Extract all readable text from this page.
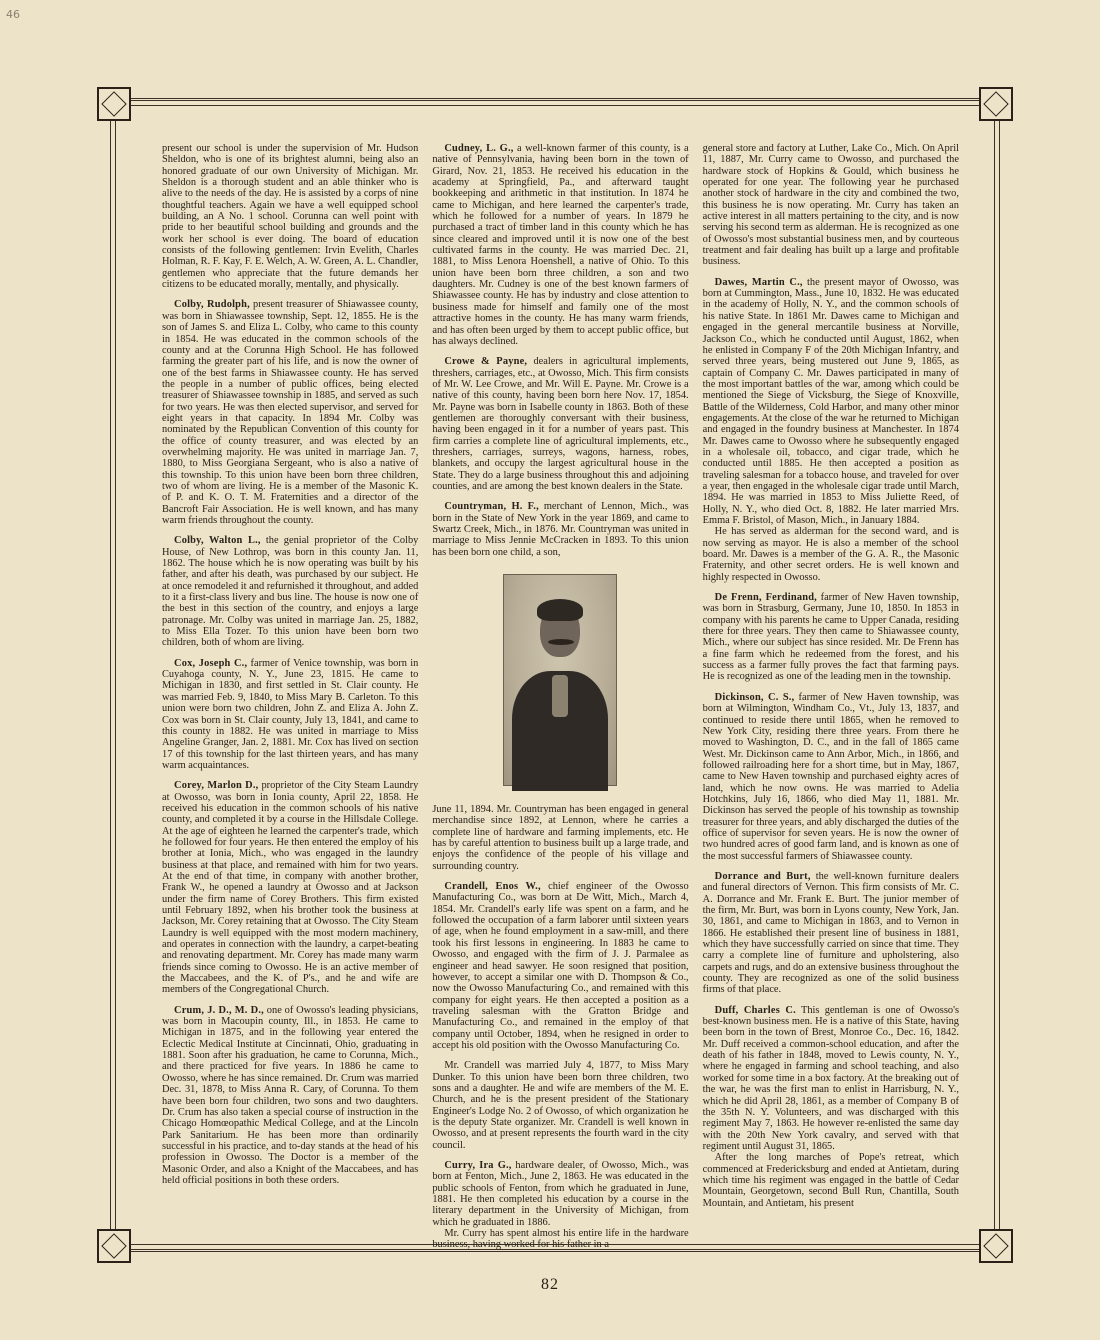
46

present our school is under the supervision of Mr. Hudson Sheldon, who is one of its brightest alumni, being also an honored graduate of our own University of Michigan. Mr. Sheldon is a thorough student and an able thinker who is alive to the needs of the day. He is assisted by a corps of nine thoughtful teachers. Again we have a well equipped school building, an A No. 1 school. Corunna can well point with pride to her beautiful school building and grounds and the work her school is ever doing. The board of education consists of the following gentlemen: Irvin Evelith, Charles Holman, R. F. Kay, F. E. Welch, A. W. Green, A. L. Chandler, gentlemen who appreciate that the future demands her citizens to be educated morally, mentally, and physically.

Colby, Rudolph, present treasurer of Shiawassee county, was born in Shiawassee township, Sept. 12, 1855. He is the son of James S. and Eliza L. Colby, who came to this county in 1854. He was educated in the common schools of the county and at the Corunna High School. He has followed farming the greater part of his life, and is now the owner of one of the best farms in Shiawassee county. He has served the people in a number of public offices, being elected treasurer of Shiawassee township in 1885, and served as such for two years. He was then elected supervisor, and served for eight years in that capacity. In 1894 Mr. Colby was nominated by the Republican Convention of this county for the office of county treasurer, and was elected by an overwhelming majority. He was united in marriage Jan. 7, 1880, to Miss Georgiana Sergeant, who is also a native of this township. To this union have been born three children, two of whom are living. He is a member of the Masonic K. of P. and K. O. T. M. Fraternities and a director of the Bancroft Fair Association. He is well known, and has many warm friends throughout the county.

Colby, Walton L., the genial proprietor of the Colby House, of New Lothrop, was born in this county Jan. 11, 1862. The house which he is now operating was built by his father, and after his death, was purchased by our subject. He at once remodeled it and refurnished it throughout, and added to it a first-class livery and bus line. The house is now one of the best in this section of the country, and enjoys a large patronage. Mr. Colby was united in marriage Jan. 25, 1882, to Miss Ella Tozer. To this union have been born two children, both of whom are living.

Cox, Joseph C., farmer of Venice township, was born in Cuyahoga county, N. Y., June 23, 1815. He came to Michigan in 1830, and first settled in St. Clair county. He was married Feb. 9, 1840, to Miss Mary B. Carleton. To this union were born two children, John Z. and Eliza A. John Z. Cox was born in St. Clair county, July 13, 1841, and came to this county in 1882. He was united in marriage to Miss Angeline Granger, Jan. 2, 1881. Mr. Cox has lived on section 17 of this township for the last thirteen years, and has many warm acquaintances.

Corey, Marlon D., proprietor of the City Steam Laundry at Owosso, was born in Ionia county, April 22, 1858. He received his education in the common schools of his native county, and completed it by a course in the Hillsdale College. At the age of eighteen he learned the carpenter's trade, which he followed for four years. He then entered the employ of his brother at Ionia, Mich., who was engaged in the laundry business at that place, and remained with him for two years. At the end of that time, in company with another brother, Frank W., he opened a laundry at Owosso and at Jackson under the firm name of Corey Brothers. This firm existed until February 1892, when his brother took the business at Jackson, Mr. Corey retaining that at Owosso. The City Steam Laundry is well equipped with the most modern machinery, and operates in connection with the laundry, a carpet-beating and renovating department. Mr. Corey has made many warm friends since coming to Owosso. He is an active member of the Maccabees, and the K. of P's., and he and wife are members of the Congregational Church.

Crum, J. D., M. D., one of Owosso's leading physicians, was born in Macoupin county, Ill., in 1853. He came to Michigan in 1875, and in the following year entered the Eclectic Medical Institute at Cincinnati, Ohio, graduating in 1881. Soon after his graduation, he came to Corunna, Mich., and there practiced for five years. In 1886 he came to Owosso, where he has since remained. Dr. Crum was married Dec. 31, 1878, to Miss Anna R. Cary, of Corunna. To them have been born four children, two sons and two daughters. Dr. Crum has also taken a special course of instruction in the Chicago Homœopathic Medical College, and at the Lincoln Park Sanitarium. He has been more than ordinarily successful in his practice, and to-day stands at the head of his profession in Owosso. The Doctor is a member of the Masonic Order, and also a Knight of the Maccabees, and has held official positions in both these orders.

Cudney, L. G., a well-known farmer of this county, is a native of Pennsylvania, having been born in the town of Girard, Nov. 21, 1853. He received his education in the academy at Springfield, Pa., and afterward taught bookkeeping and arithmetic in that institution. In 1874 he came to Michigan, and here learned the carpenter's trade, which he followed for a number of years. In 1879 he purchased a tract of timber land in this county which he has since cleared and improved until it is now one of the best cultivated farms in the county. He was married Dec. 21, 1881, to Miss Lenora Hoenshell, a native of Ohio. To this union have been born three children, a son and two daughters. Mr. Cudney is one of the best known farmers of Shiawassee county. He has by industry and close attention to business made for himself and family one of the most attractive homes in the county. He has many warm friends, and has often been urged by them to accept public office, but has always declined.

Crowe & Payne, dealers in agricultural implements, threshers, carriages, etc., at Owosso, Mich. This firm consists of Mr. W. Lee Crowe, and Mr. Will E. Payne. Mr. Crowe is a native of this county, having been born here Nov. 17, 1854. Mr. Payne was born in Isabelle county in 1863. Both of these gentlemen are thoroughly conversant with their business, having been engaged in it for a number of years past. This firm carries a complete line of agricultural implements, etc., threshers, carriages, surreys, wagons, harness, robes, blankets, and occupy the largest agricultural house in the State. They do a large business throughout this and adjoining counties, and are among the best known dealers in the State.

Countryman, H. F., merchant of Lennon, Mich., was born in the State of New York in the year 1869, and came to Swartz Creek, Mich., in 1876. Mr. Countryman was united in marriage to Miss Jennie McCracken in 1893. To this union has been born one child, a son,

June 11, 1894. Mr. Countryman has been engaged in general merchandise since 1892, at Lennon, where he carries a complete line of hardware and farming implements, etc. He has by careful attention to business built up a large trade, and enjoys the confidence of the people of his village and surrounding country.

Crandell, Enos W., chief engineer of the Owosso Manufacturing Co., was born at De Witt, Mich., March 4, 1854. Mr. Crandell's early life was spent on a farm, and he followed the occupation of a farm laborer until sixteen years of age, when he found employment in a saw-mill, and there took his first lessons in engineering. In 1883 he came to Owosso, and engaged with the firm of J. J. Parmalee as engineer and head sawyer. He soon resigned that position, however, to accept a similar one with D. Thompson & Co., now the Owosso Manufacturing Co., and remained with this company for eight years. He then accepted a position as a traveling salesman with the Gratton Bridge and Manufacturing Co., and remained in the employ of that company until October, 1894, when he resigned in order to accept his old position with the Owosso Manufacturing Co.

Mr. Crandell was married July 4, 1877, to Miss Mary Dunker. To this union have been born three children, two sons and a daughter. He and wife are members of the M. E. Church, and he is the present president of the Stationary Engineer's Lodge No. 2 of Owosso, of which organization he is the deputy State organizer. Mr. Crandell is well known in Owosso, and at present represents the fourth ward in the city council.

Curry, Ira G., hardware dealer, of Owosso, Mich., was born at Fenton, Mich., June 2, 1863. He was educated in the public schools of Fenton, from which he graduated in June, 1881. He then completed his education by a course in the literary department in the University of Michigan, from which he graduated in 1886.

Mr. Curry has spent almost his entire life in the hardware business, having worked for his father in a

general store and factory at Luther, Lake Co., Mich. On April 11, 1887, Mr. Curry came to Owosso, and purchased the hardware stock of Hopkins & Gould, which business he operated for one year. The following year he purchased another stock of hardware in the city and combined the two, this business he is now operating. Mr. Curry has taken an active interest in all matters pertaining to the city, and is now serving his second term as alderman. He is recognized as one of Owosso's most substantial business men, and by courteous treatment and fair dealing has built up a large and profitable business.

Dawes, Martin C., the present mayor of Owosso, was born at Cummington, Mass., June 10, 1832. He was educated in the academy of Holly, N. Y., and the common schools of his native State. In 1861 Mr. Dawes came to Michigan and engaged in the general mercantile business at Norville, Jackson Co., which he conducted until August, 1862, when he enlisted in Company F of the 20th Michigan Infantry, and served three years, being mustered out June 9, 1865, as captain of Company C. Mr. Dawes participated in many of the most important battles of the war, among which could be mentioned the Siege of Vicksburg, the Siege of Knoxville, Battle of the Wilderness, Cold Harbor, and many other minor engagements. At the close of the war he returned to Michigan and engaged in the foundry business at Manchester. In 1874 Mr. Dawes came to Owosso where he subsequently engaged in a wholesale oil, tobacco, and cigar trade, which he conducted until 1885. He then accepted a position as traveling salesman for a tobacco house, and traveled for over a year, then engaged in the wholesale cigar trade until March, 1894. He was married in 1853 to Miss Juliette Reed, of Holly, N. Y., who died Oct. 8, 1882. He later married Mrs. Emma F. Bristol, of Mason, Mich., in January 1884.

He has served as alderman for the second ward, and is now serving as mayor. He is also a member of the school board. Mr. Dawes is a member of the G. A. R., the Masonic Fraternity, and other secret orders. He is well known and highly respected in Owosso.

De Frenn, Ferdinand, farmer of New Haven township, was born in Strasburg, Germany, June 10, 1850. In 1853 in company with his parents he came to Upper Canada, residing there for three years. They then came to Shiawassee county, Mich., where our subject has since resided. Mr. De Frenn has a fine farm which he redeemed from the forest, and his success as a farmer fully proves the fact that farming pays. He is recognized as one of the leading men in the township.

Dickinson, C. S., farmer of New Haven township, was born at Wilmington, Windham Co., Vt., July 13, 1837, and continued to reside there until 1865, when he removed to New York City, residing there three years. From there he moved to Washington, D. C., and in the fall of 1865 came West. Mr. Dickinson came to Ann Arbor, Mich., in 1866, and followed railroading here for a short time, but in May, 1867, came to New Haven township and purchased eighty acres of land, which he now owns. He was married to Adelia Hotchkins, July 16, 1866, who died May 11, 1881. Mr. Dickinson has served the people of his township as township treasurer for three years, and ably discharged the duties of the office of supervisor for seven years. He is now the owner of two hundred acres of good farm land, and is known as one of the most successful farmers of Shiawassee county.

Dorrance and Burt, the well-known furniture dealers and funeral directors of Vernon. This firm consists of Mr. C. A. Dorrance and Mr. Frank E. Burt. The junior member of the firm, Mr. Burt, was born in Lyons county, New York, Jan. 30, 1861, and came to Michigan in 1863, and to Vernon in 1866. He established their present line of business in 1881, which they have successfully carried on since that time. They carry a complete line of furniture and upholstering, also carpets and rugs, and do an extensive business throughout the county. They are recognized as one of the solid business firms of that place.

Duff, Charles C. This gentleman is one of Owosso's best-known business men. He is a native of this State, having been born in the town of Brest, Monroe Co., Dec. 16, 1842. Mr. Duff received a common-school education, and after the death of his father in 1848, moved to Lewis county, N. Y., where he engaged in farming and school teaching, and also worked for some time in a box factory. At the breaking out of the war, he was the first man to enlist in Harrisburg, N. Y., which he did April 28, 1861, as a member of Company B of the 35th N. Y. Volunteers, and was discharged with this regiment May 7, 1863. He however re-enlisted the same day with the 20th New York cavalry, and served with that regiment until August 31, 1865.

After the long marches of Pope's retreat, which commenced at Fredericksburg and ended at Antietam, during which time his regiment was engaged in the battle of Cedar Mountain, Georgetown, second Bull Run, Chantilla, South Mountain, and Antietam, his present

82
